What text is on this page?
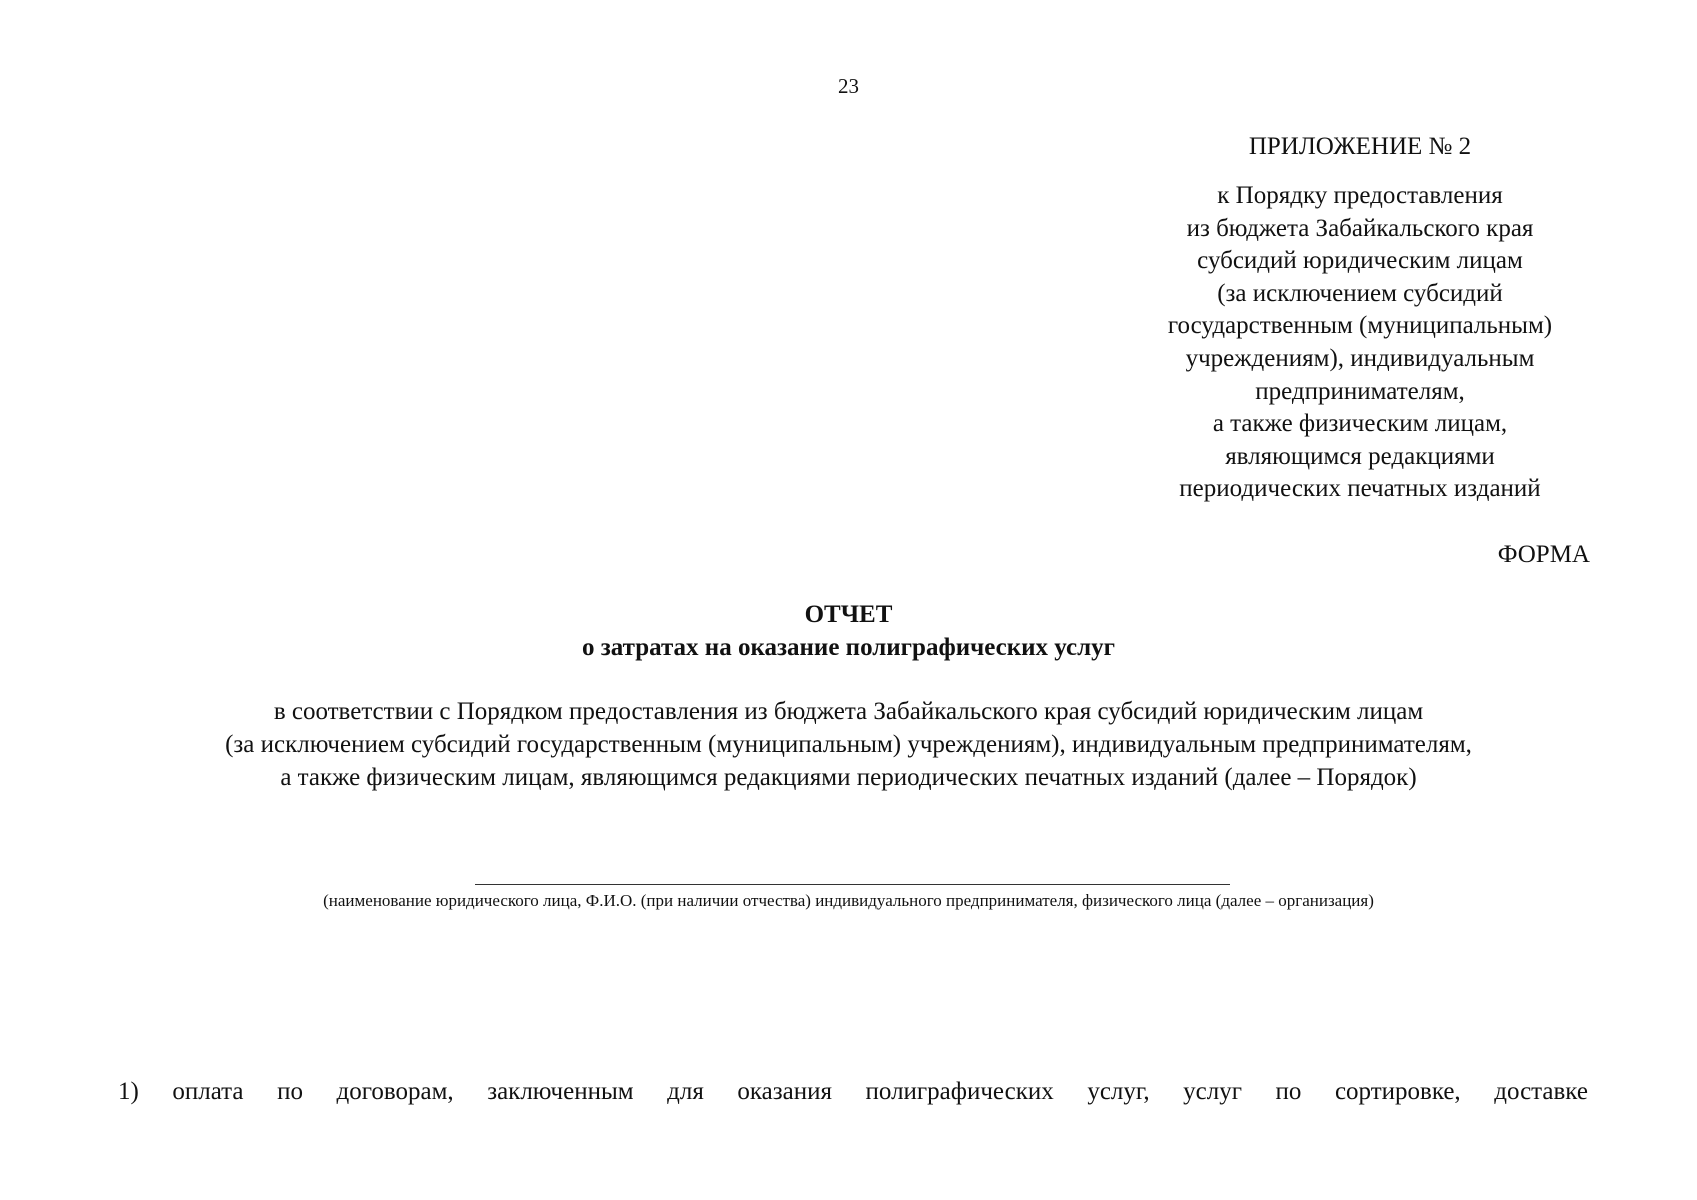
23
ПРИЛОЖЕНИЕ № 2
к Порядку предоставления
из бюджета Забайкальского края
субсидий юридическим лицам
(за исключением субсидий
государственным (муниципальным)
учреждениям), индивидуальным
предпринимателям,
а также физическим лицам,
являющимся редакциями
периодических печатных изданий
ФОРМА
ОТЧЕТ
о затратах на оказание полиграфических услуг
в соответствии с Порядком предоставления из бюджета Забайкальского края субсидий юридическим лицам
(за исключением субсидий государственным (муниципальным) учреждениям), индивидуальным предпринимателям,
а также физическим лицам, являющимся редакциями периодических печатных изданий (далее – Порядок)
(наименование юридического лица, Ф.И.О. (при наличии отчества) индивидуального предпринимателя, физического лица (далее – организация)
1) оплата по договорам, заключенным для оказания полиграфических услуг, услуг по сортировке, доставке
